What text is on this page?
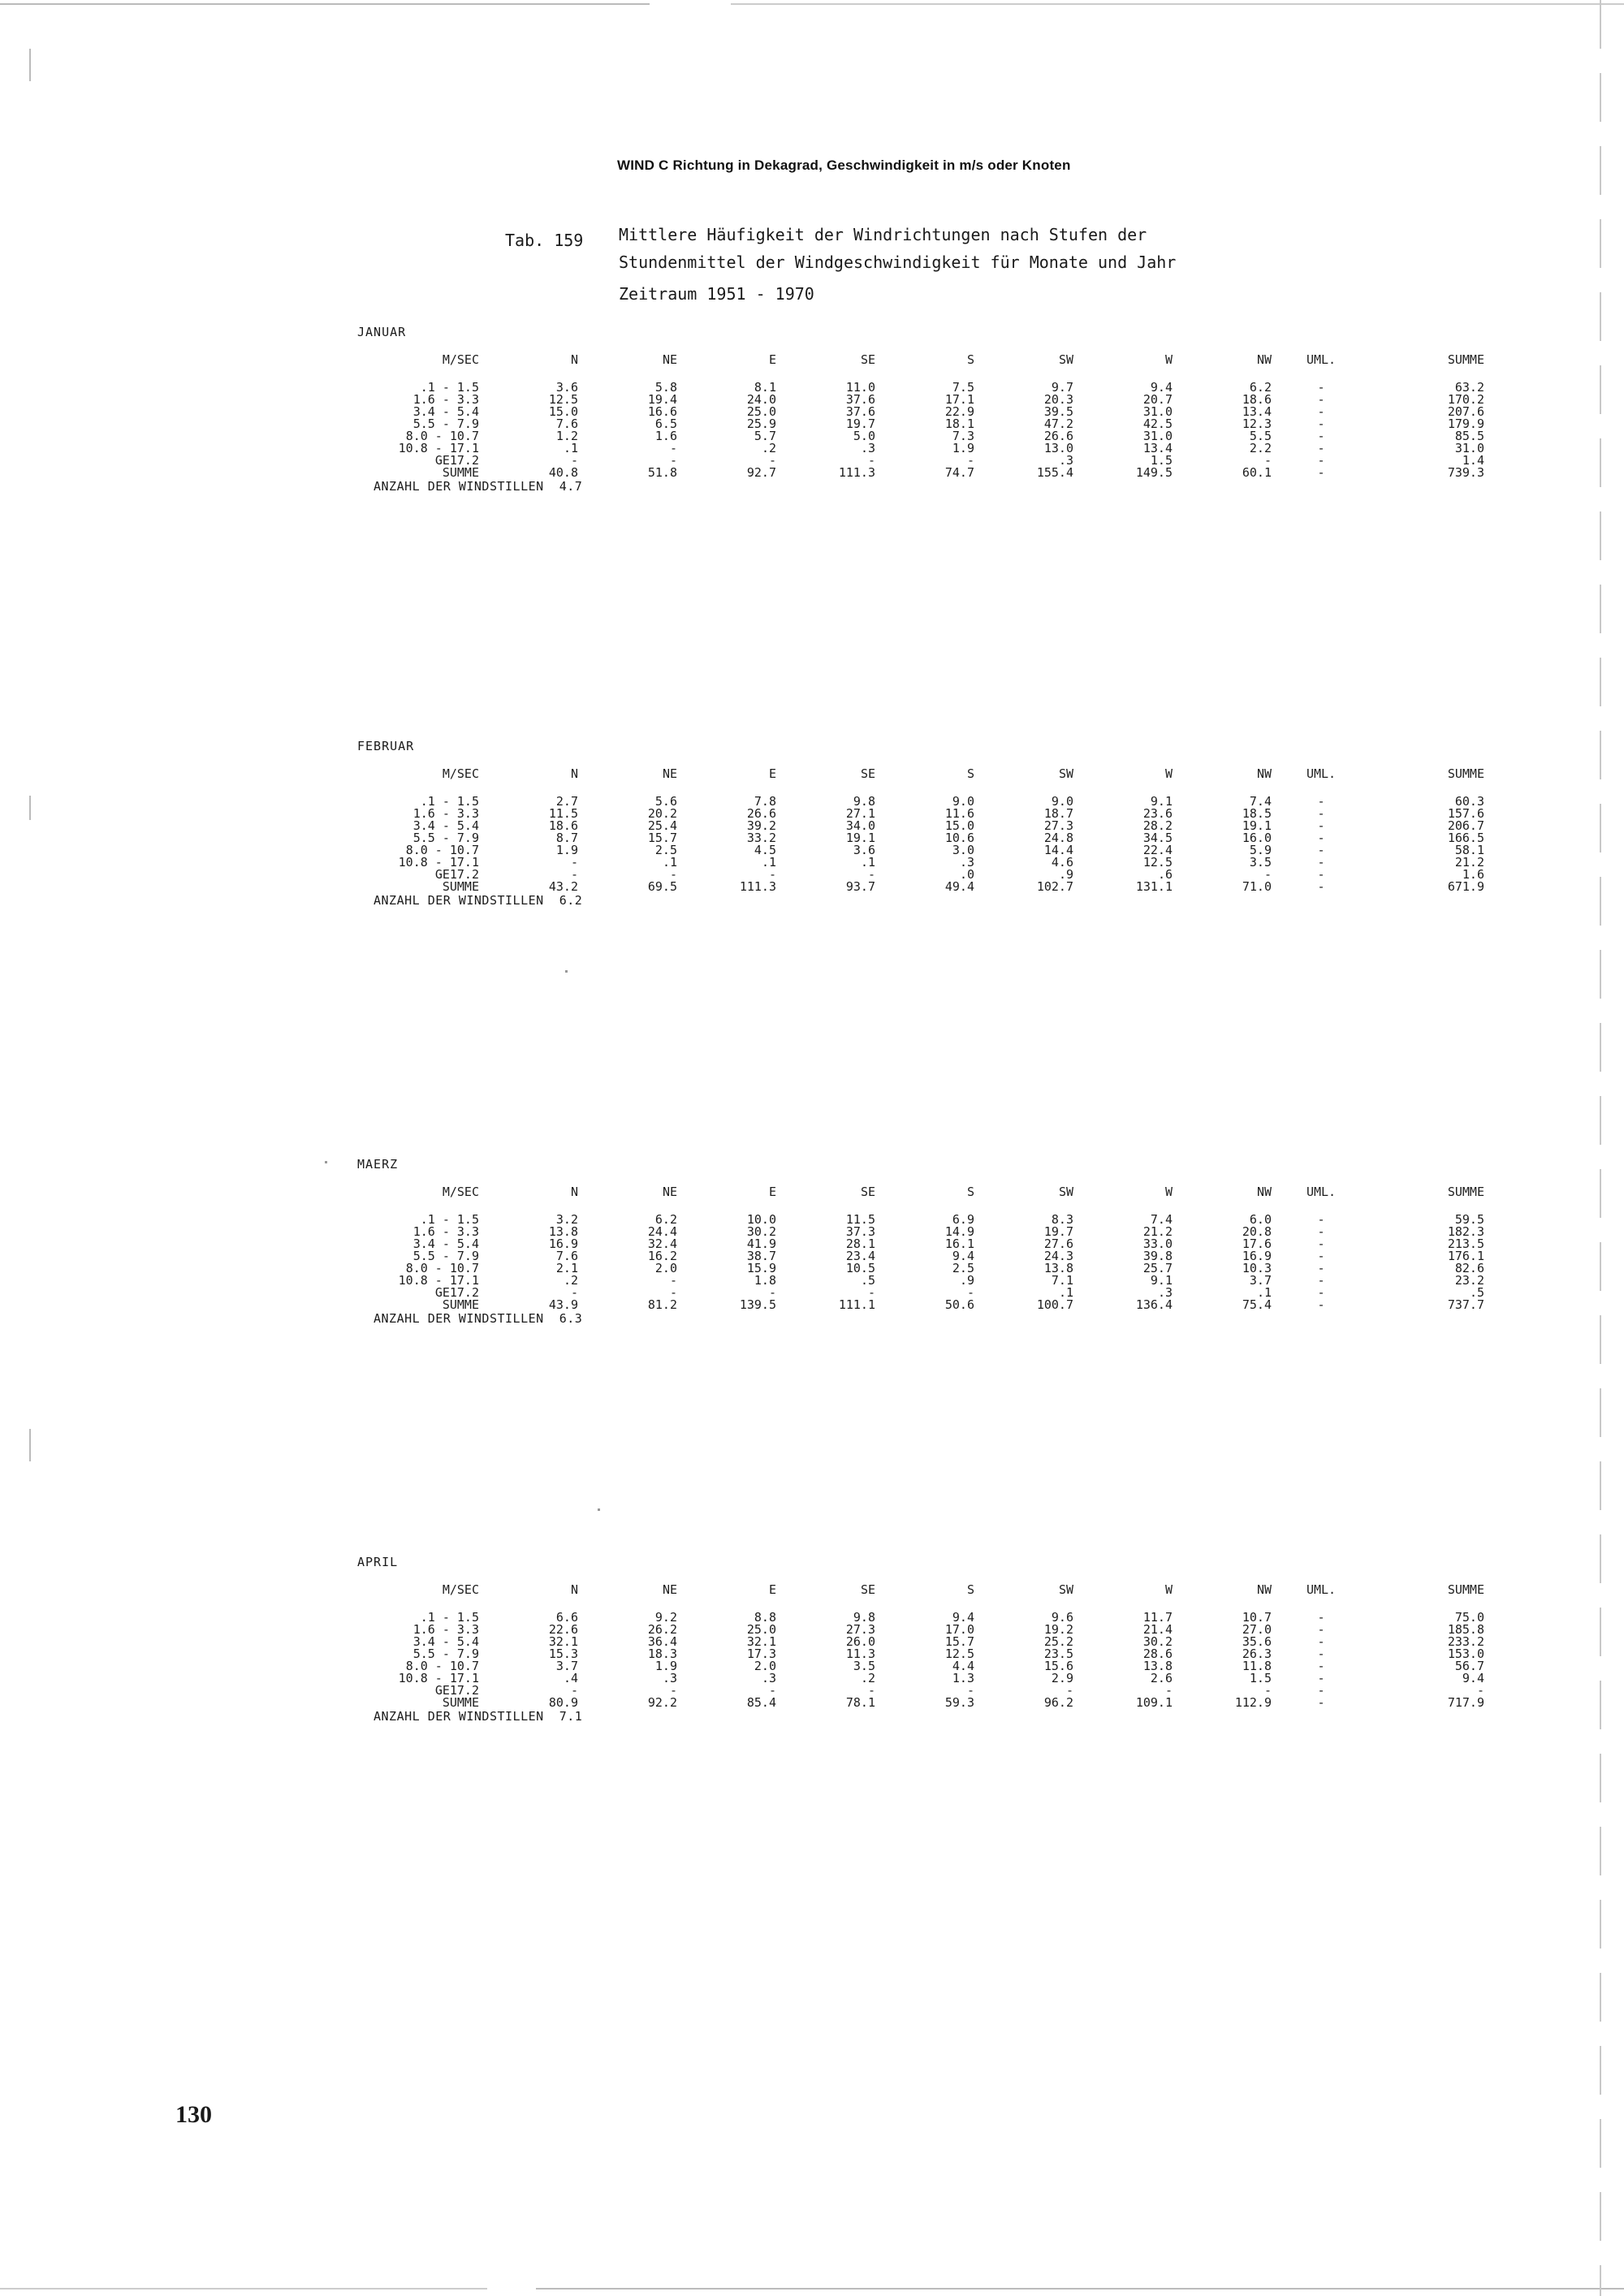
WIND C Richtung in Dekagrad, Geschwindigkeit in m/s oder Knoten
Tab. 159 Mittlere Häufigkeit der Windrichtungen nach Stufen der
Stundenmittel der Windgeschwindigkeit für Monate und Jahr
Zeitraum 1951 - 1970
JANUAR
M/SEC	N	NE	E	SE	S	SW	W	NW	UML.	SUMME

.1 - 1.5	3.6	5.8	8.1	11.0	7.5	9.7	9.4	6.2	-	63.2
1.6 - 3.3	12.5	19.4	24.0	37.6	17.1	20.3	20.7	18.6	-	170.2
3.4 - 5.4	15.0	16.6	25.0	37.6	22.9	39.5	31.0	13.4	-	207.6
5.5 - 7.9	7.6	6.5	25.9	19.7	18.1	47.2	42.5	12.3	-	179.9
8.0 - 10.7	1.2	1.6	5.7	5.0	7.3	26.6	31.0	5.5	-	85.5
10.8 - 17.1	.1	-	.2	.3	1.9	13.0	13.4	2.2	-	31.0
GE17.2	-	-	-	-	-	.3	1.5	-	-	1.4
SUMME	40.8	51.8	92.7	111.3	74.7	155.4	149.5	60.1	-	739.3
ANZAHL DER WINDSTILLEN 4.7
FEBRUAR
M/SEC	N	NE	E	SE	S	SW	W	NW	UML.	SUMME

.1 - 1.5	2.7	5.6	7.8	9.8	9.0	9.0	9.1	7.4	-	60.3
1.6 - 3.3	11.5	20.2	26.6	27.1	11.6	18.7	23.6	18.5	-	157.6
3.4 - 5.4	18.6	25.4	39.2	34.0	15.0	27.3	28.2	19.1	-	206.7
5.5 - 7.9	8.7	15.7	33.2	19.1	10.6	24.8	34.5	16.0	-	166.5
8.0 - 10.7	1.9	2.5	4.5	3.6	3.0	14.4	22.4	5.9	-	58.1
10.8 - 17.1	-	.1	.1	.1	.3	4.6	12.5	3.5	-	21.2
GE17.2	-	-	-	-	.0	.9	.6	-	-	1.6
SUMME	43.2	69.5	111.3	93.7	49.4	102.7	131.1	71.0	-	671.9
ANZAHL DER WINDSTILLEN 6.2
MAERZ
M/SEC	N	NE	E	SE	S	SW	W	NW	UML.	SUMME

.1 - 1.5	3.2	6.2	10.0	11.5	6.9	8.3	7.4	6.0	-	59.5
1.6 - 3.3	13.8	24.4	30.2	37.3	14.9	19.7	21.2	20.8	-	182.3
3.4 - 5.4	16.9	32.4	41.9	28.1	16.1	27.6	33.0	17.6	-	213.5
5.5 - 7.9	7.6	16.2	38.7	23.4	9.4	24.3	39.8	16.9	-	176.1
8.0 - 10.7	2.1	2.0	15.9	10.5	2.5	13.8	25.7	10.3	-	82.6
10.8 - 17.1	.2	-	1.8	.5	.9	7.1	9.1	3.7	-	23.2
GE17.2	-	-	-	-	-	.1	.3	.1	-	.5
SUMME	43.9	81.2	139.5	111.1	50.6	100.7	136.4	75.4	-	737.7
ANZAHL DER WINDSTILLEN 6.3
APRIL
M/SEC	N	NE	E	SE	S	SW	W	NW	UML.	SUMME

.1 - 1.5	6.6	9.2	8.8	9.8	9.4	9.6	11.7	10.7	-	75.0
1.6 - 3.3	22.6	26.2	25.0	27.3	17.0	19.2	21.4	27.0	-	185.8
3.4 - 5.4	32.1	36.4	32.1	26.0	15.7	25.2	30.2	35.6	-	233.2
5.5 - 7.9	15.3	18.3	17.3	11.3	12.5	23.5	28.6	26.3	-	153.0
8.0 - 10.7	3.7	1.9	2.0	3.5	4.4	15.6	13.8	11.8	-	56.7
10.8 - 17.1	.4	.3	.3	.2	1.3	2.9	2.6	1.5	-	9.4
GE17.2	-	-	-	-	-	-	-	-	-	-
SUMME	80.9	92.2	85.4	78.1	59.3	96.2	109.1	112.9	-	717.9
ANZAHL DER WINDSTILLEN 7.1
130
